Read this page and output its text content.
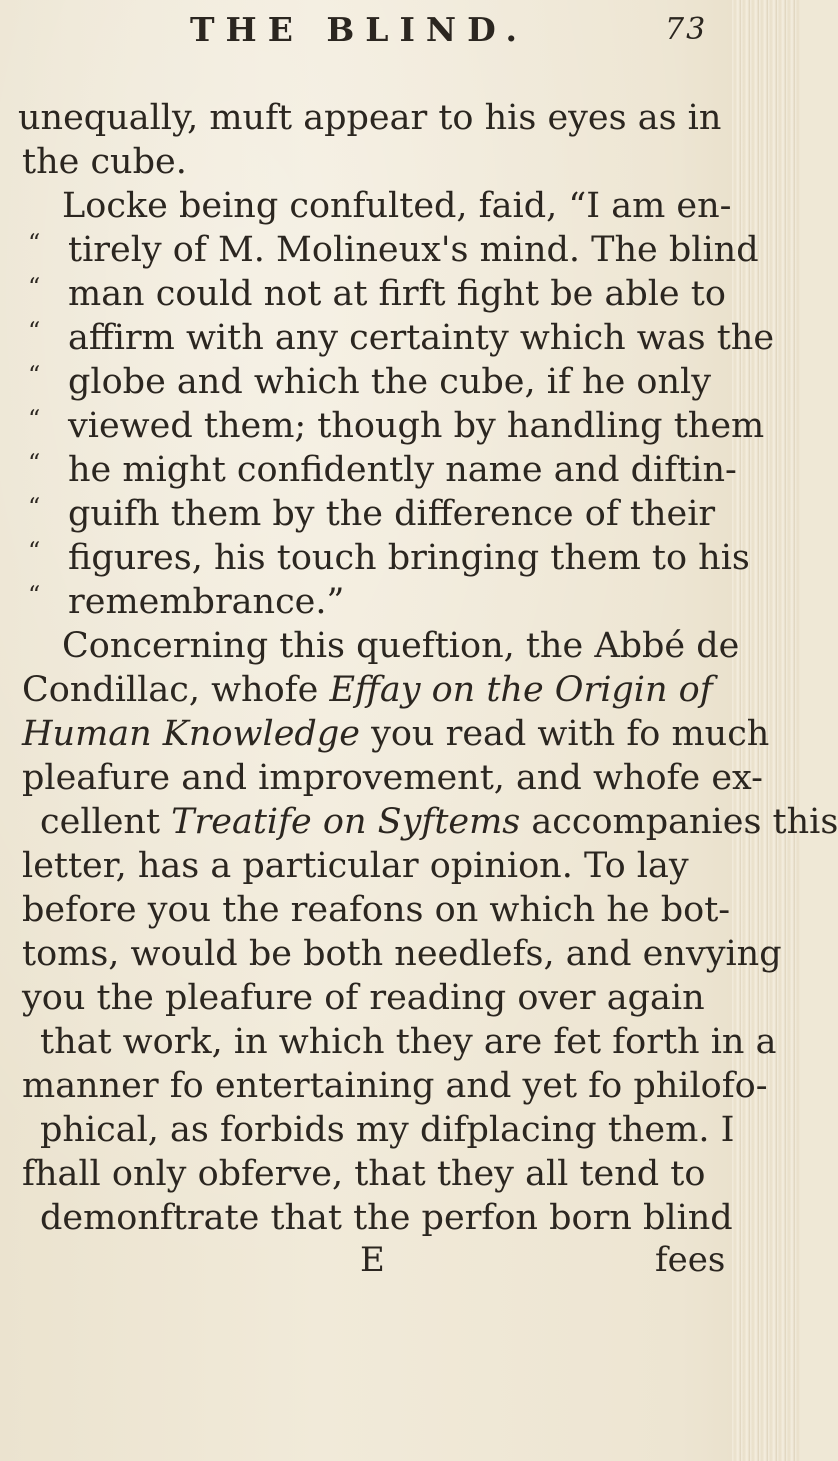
THE BLIND.	73
unequally, muft appear to his eyes as in
the cube.
Locke being confulted, faid, “I am en-
“ tirely of M. Molineux's mind. The blind
“ man could not at firft fight be able to
“ affirm with any certainty which was the
“ globe and which the cube, if he only
“ viewed them; though by handling them
“ he might confidently name and diftin-
“ guifh them by the difference of their
“ figures, his touch bringing them to his
“ remembrance.”
Concerning this queftion, the Abbé de
Condillac, whofe Effay on the Origin of
Human Knowledge you read with fo much
pleafure and improvement, and whofe ex-
cellent Treatife on Syftems accompanies this
letter, has a particular opinion. To lay
before you the reafons on which he bot-
toms, would be both needlefs, and envying
you the pleafure of reading over again
that work, in which they are fet forth in a
manner fo entertaining and yet fo philofo-
phical, as forbids my difplacing them. I
fhall only obferve, that they all tend to
demonftrate that the perfon born blind
E	fees
